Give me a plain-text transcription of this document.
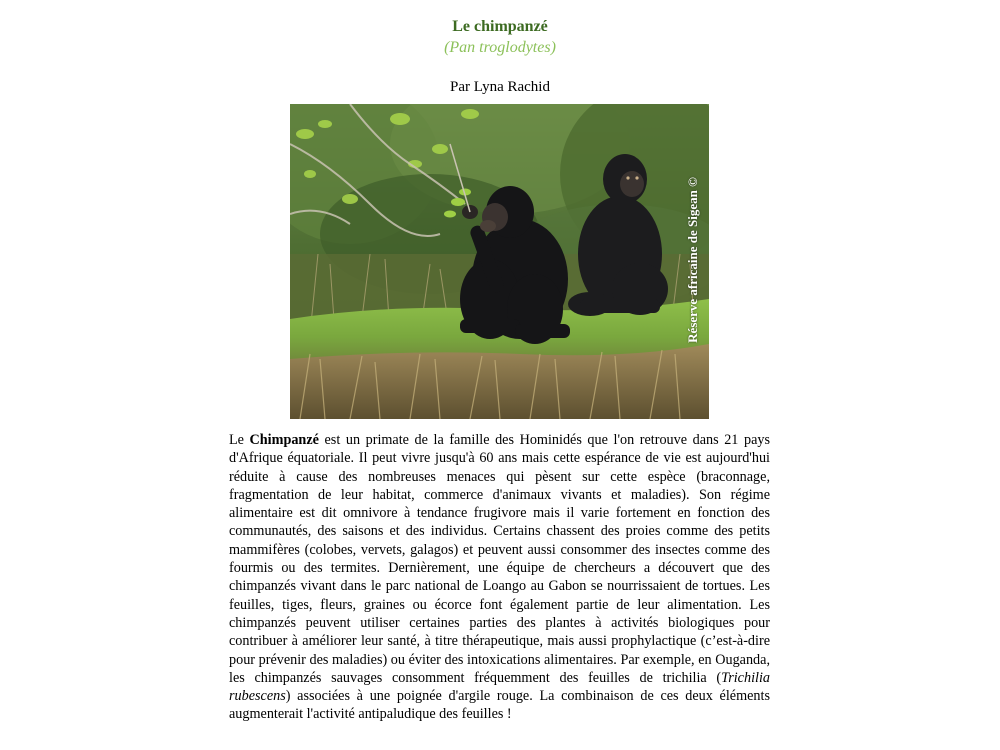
Le chimpanzé
(Pan troglodytes)
Par Lyna Rachid
Réserve africaine de Sigean ©
Le Chimpanzé est un primate de la famille des Hominidés que l'on retrouve dans 21 pays d'Afrique équatoriale. Il peut vivre jusqu'à 60 ans mais cette espérance de vie est aujourd'hui réduite à cause des nombreuses menaces qui pèsent sur cette espèce (braconnage, fragmentation de leur habitat, commerce d'animaux vivants et maladies). Son régime alimentaire est dit omnivore à tendance frugivore mais il varie fortement en fonction des communautés, des saisons et des individus. Certains chassent des proies comme des petits mammifères (colobes, vervets, galagos) et peuvent aussi consommer des insectes comme des fourmis ou des termites. Dernièrement, une équipe de chercheurs a découvert que des chimpanzés vivant dans le parc national de Loango au Gabon se nourrissaient de tortues. Les feuilles, tiges, fleurs, graines ou écorce font également partie de leur alimentation. Les chimpanzés peuvent utiliser certaines parties des plantes à activités biologiques pour contribuer à améliorer leur santé, à titre thérapeutique, mais aussi prophylactique (c’est-à-dire pour prévenir des maladies) ou éviter des intoxications alimentaires. Par exemple, en Ouganda, les chimpanzés sauvages consomment fréquemment des feuilles de trichilia (Trichilia rubescens) associées à une poignée d'argile rouge. La combinaison de ces deux éléments augmenterait l'activité antipaludique des feuilles !
